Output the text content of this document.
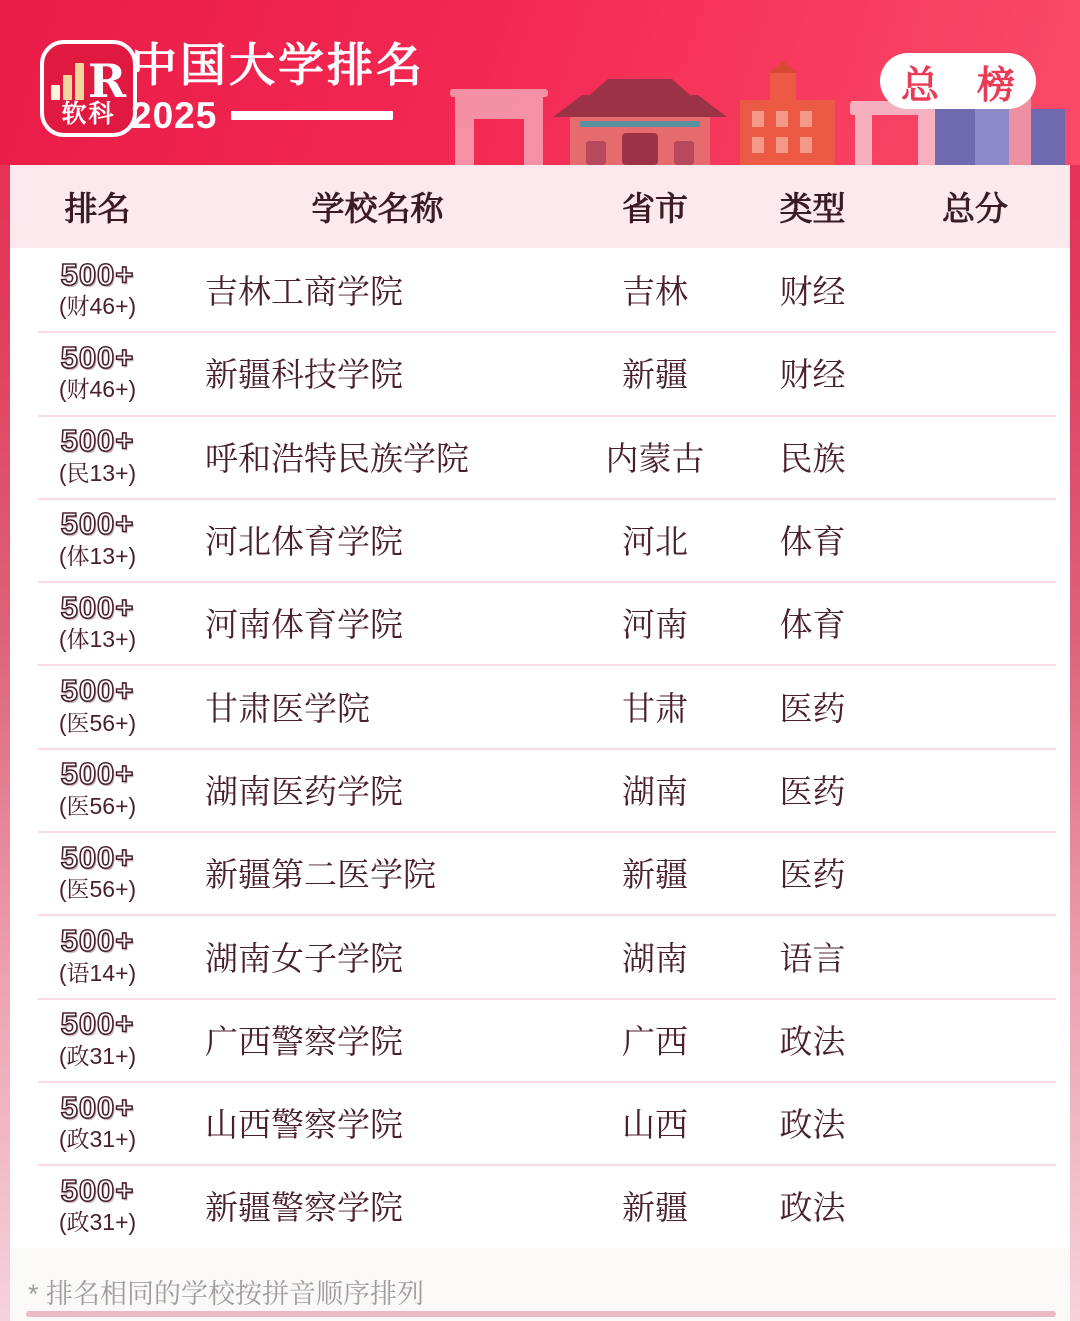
R
软科
中国大学排名
2025
总　榜
排名	学校名称	省市	类型	总分
500+
(财46+)	吉林工商学院	吉林	财经
500+
(财46+)	新疆科技学院	新疆	财经
500+
(民13+)	呼和浩特民族学院	内蒙古	民族
500+
(体13+)	河北体育学院	河北	体育
500+
(体13+)	河南体育学院	河南	体育
500+
(医56+)	甘肃医学院	甘肃	医药
500+
(医56+)	湖南医药学院	湖南	医药
500+
(医56+)	新疆第二医学院	新疆	医药
500+
(语14+)	湖南女子学院	湖南	语言
500+
(政31+)	广西警察学院	广西	政法
500+
(政31+)	山西警察学院	山西	政法
500+
(政31+)	新疆警察学院	新疆	政法
* 排名相同的学校按拼音顺序排列
